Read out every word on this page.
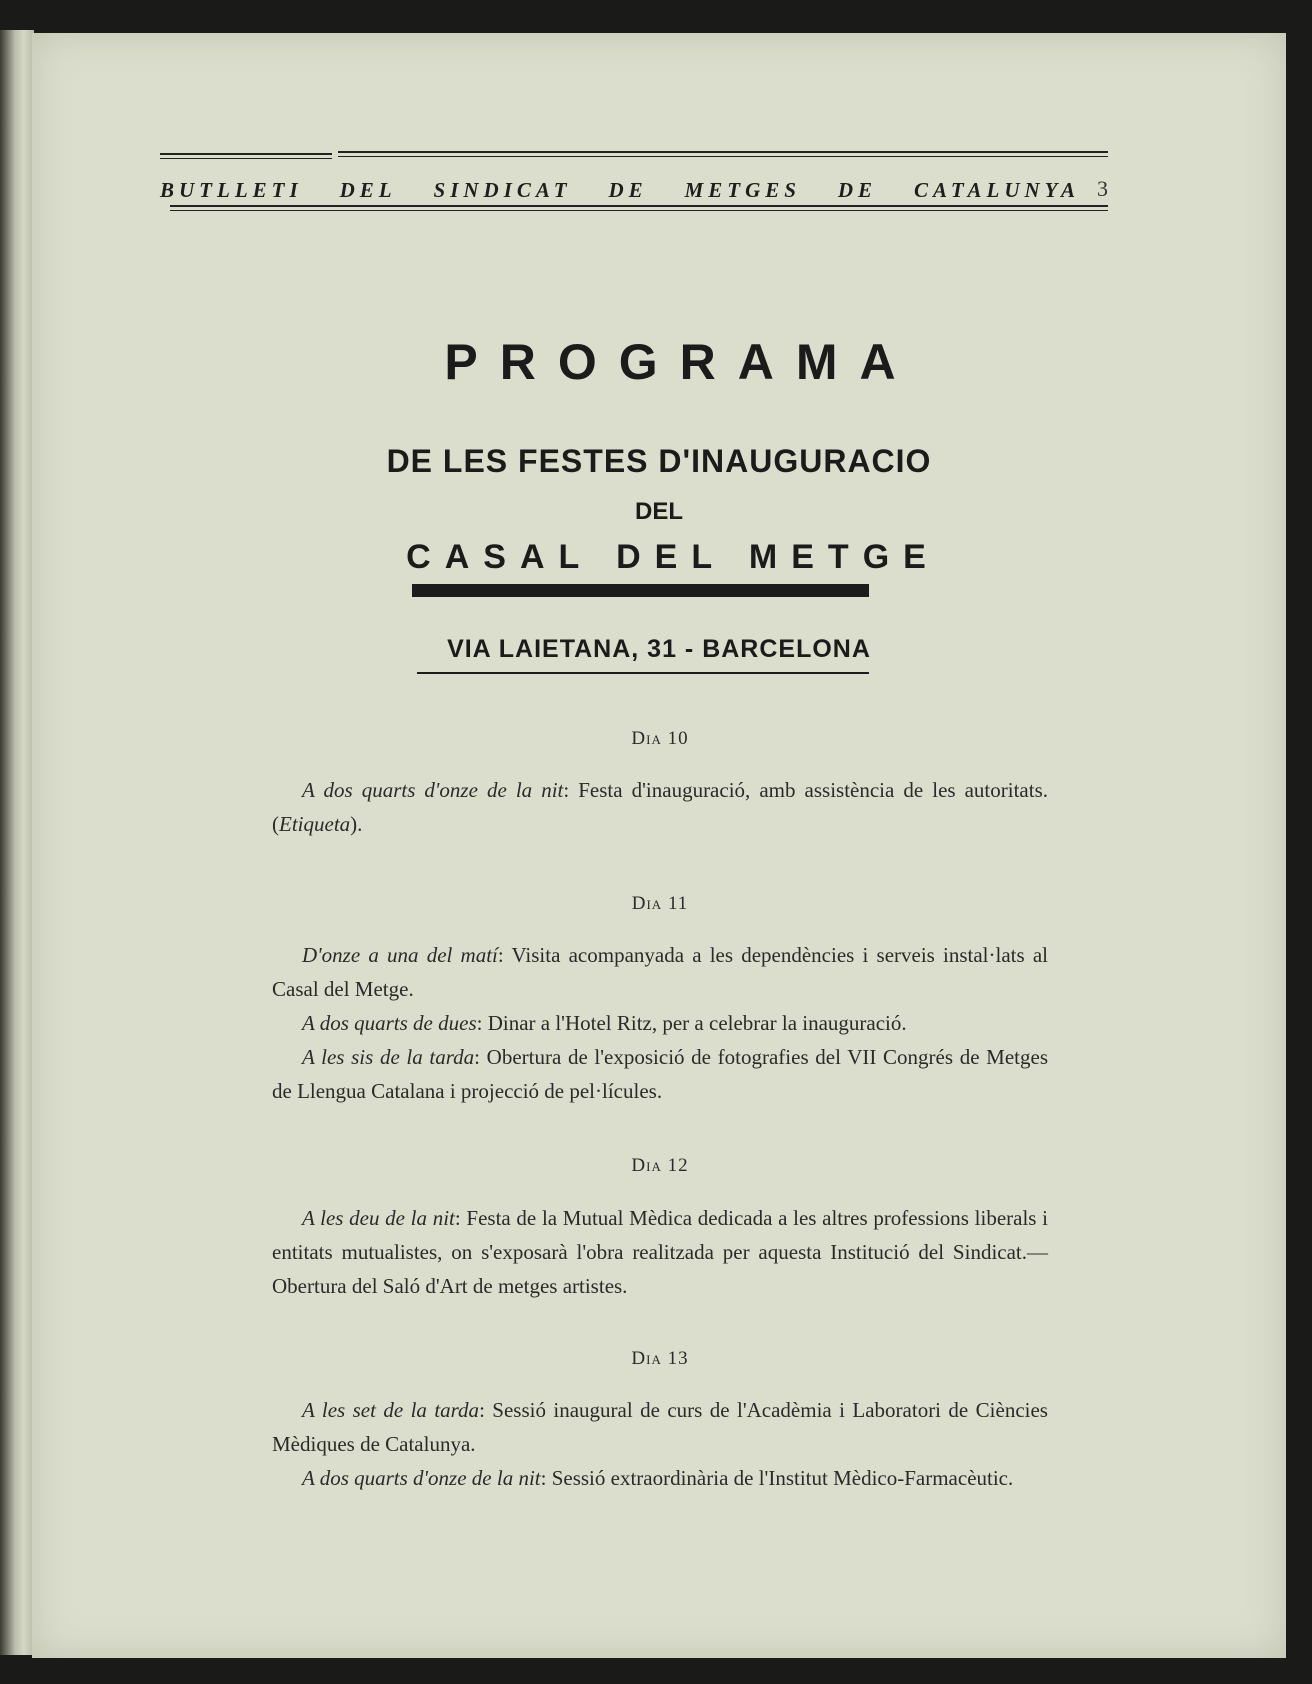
BUTLLETI DEL SINDICAT DE METGES DE CATALUNYA 3
PROGRAMA
DE LES FESTES D'INAUGURACIO
DEL
CASAL DEL METGE
VIA LAIETANA, 31 - BARCELONA
Dia 10

A dos quarts d'onze de la nit: Festa d'inauguració, amb assistència de les autoritats. (Etiqueta).

Dia 11

D'onze a una del matí: Visita acompanyada a les dependències i serveis instal·lats al Casal del Metge.

A dos quarts de dues: Dinar a l'Hotel Ritz, per a celebrar la inauguració.

A les sis de la tarda: Obertura de l'exposició de fotografies del VII Congrés de Metges de Llengua Catalana i projecció de pel·lícules.

Dia 12

A les deu de la nit: Festa de la Mutual Mèdica dedicada a les altres professions liberals i entitats mutualistes, on s'exposarà l'obra realitzada per aquesta Institució del Sindicat.—Obertura del Saló d'Art de metges artistes.

Dia 13

A les set de la tarda: Sessió inaugural de curs de l'Acadèmia i Laboratori de Ciències Mèdiques de Catalunya.

A dos quarts d'onze de la nit: Sessió extraordinària de l'Institut Mèdico-Farmacèutic.
